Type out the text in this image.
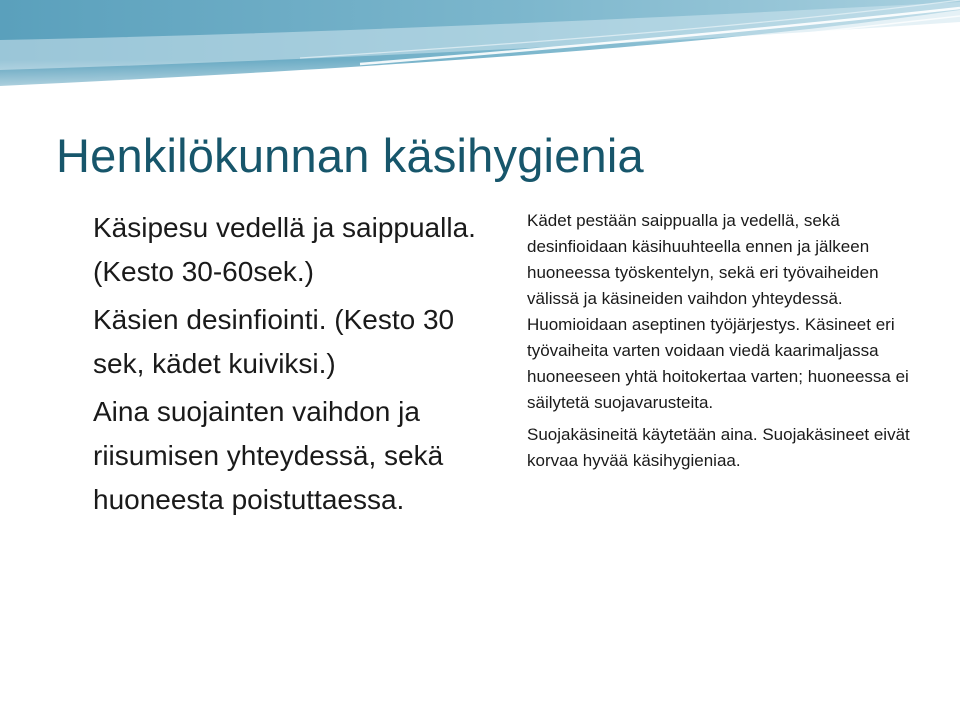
Henkilökunnan käsihygienia

Käsipesu vedellä ja saippualla. (Kesto 30-60sek.)

Käsien desinfiointi. (Kesto 30 sek, kädet kuiviksi.)

Aina suojainten vaihdon ja riisumisen yhteydessä, sekä huoneesta poistuttaessa.

Kädet pestään saippualla ja vedellä, sekä desinfioidaan käsihuuhteella ennen ja jälkeen huoneessa työskentelyn, sekä eri työvaiheiden välissä ja käsineiden vaihdon yhteydessä. Huomioidaan aseptinen työjärjestys. Käsineet eri työvaiheita varten voidaan viedä kaarimaljassa huoneeseen yhtä hoitokertaa varten; huoneessa ei säilytetä suojavarusteita.

Suojakäsineitä käytetään aina. Suojakäsineet eivät korvaa hyvää käsihygieniaa.
